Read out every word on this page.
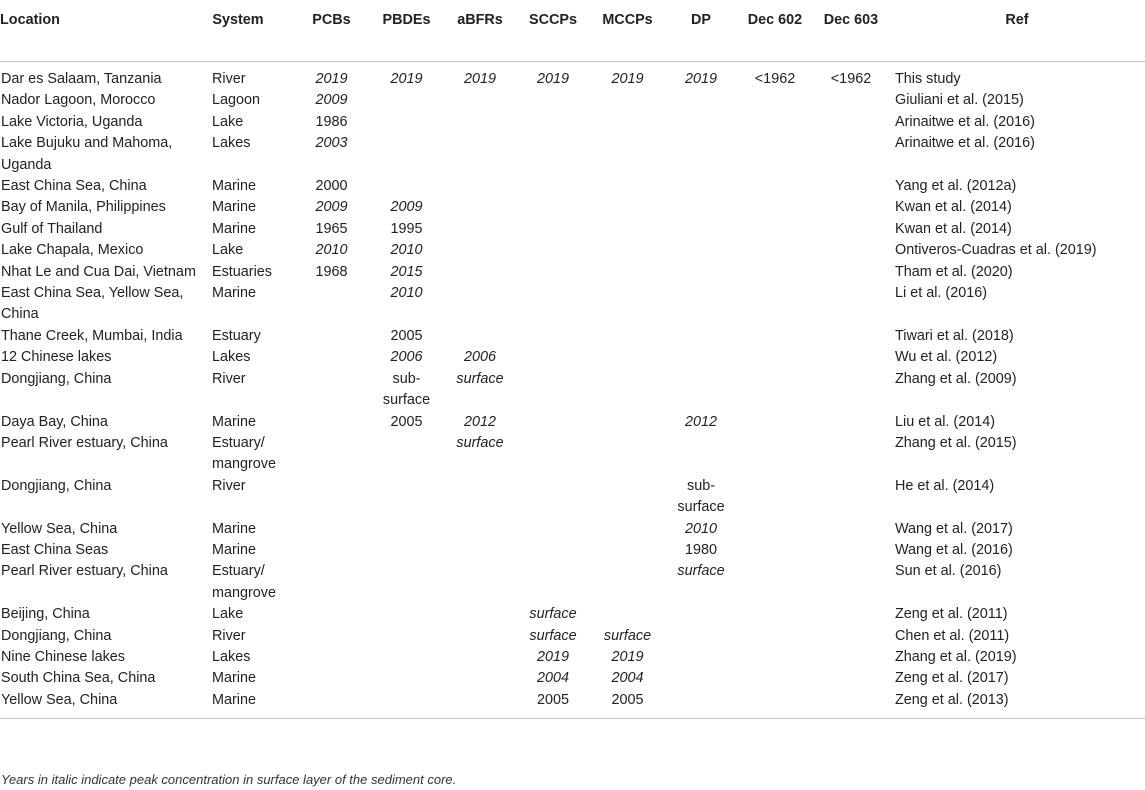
Location	System	PCBs	PBDEs	aBFRs	SCCPs	MCCPs	DP	Dec 602	Dec 603	Ref

Dar es Salaam, Tanzania	River	2019	2019	2019	2019	2019	2019	<1962	<1962	This study
Nador Lagoon, Morocco	Lagoon	2009								Giuliani et al. (2015)
Lake Victoria, Uganda	Lake	1986								Arinaitwe et al. (2016)
Lake Bujuku and Mahoma, Uganda	Lakes	2003								Arinaitwe et al. (2016)
East China Sea, China	Marine	2000								Yang et al. (2012a)
Bay of Manila, Philippines	Marine	2009	2009							Kwan et al. (2014)
Gulf of Thailand	Marine	1965	1995							Kwan et al. (2014)
Lake Chapala, Mexico	Lake	2010	2010							Ontiveros-Cuadras et al. (2019)
Nhat Le and Cua Dai, Vietnam	Estuaries	1968	2015							Tham et al. (2020)
East China Sea, Yellow Sea, China	Marine		2010							Li et al. (2016)
Thane Creek, Mumbai, India	Estuary		2005							Tiwari et al. (2018)
12 Chinese lakes	Lakes		2006	2006						Wu et al. (2012)
Dongjiang, China	River		sub-surface	surface						Zhang et al. (2009)
Daya Bay, China	Marine		2005	2012			2012			Liu et al. (2014)
Pearl River estuary, China	Estuary/ mangrove			surface						Zhang et al. (2015)
Dongjiang, China	River						sub-surface			He et al. (2014)
Yellow Sea, China	Marine						2010			Wang et al. (2017)
East China Seas	Marine						1980			Wang et al. (2016)
Pearl River estuary, China	Estuary/ mangrove						surface			Sun et al. (2016)
Beijing, China	Lake				surface					Zeng et al. (2011)
Dongjiang, China	River				surface	surface				Chen et al. (2011)
Nine Chinese lakes	Lakes				2019	2019				Zhang et al. (2019)
South China Sea, China	Marine				2004	2004				Zeng et al. (2017)
Yellow Sea, China	Marine				2005	2005				Zeng et al. (2013)
Years in italic indicate peak concentration in surface layer of the sediment core.
